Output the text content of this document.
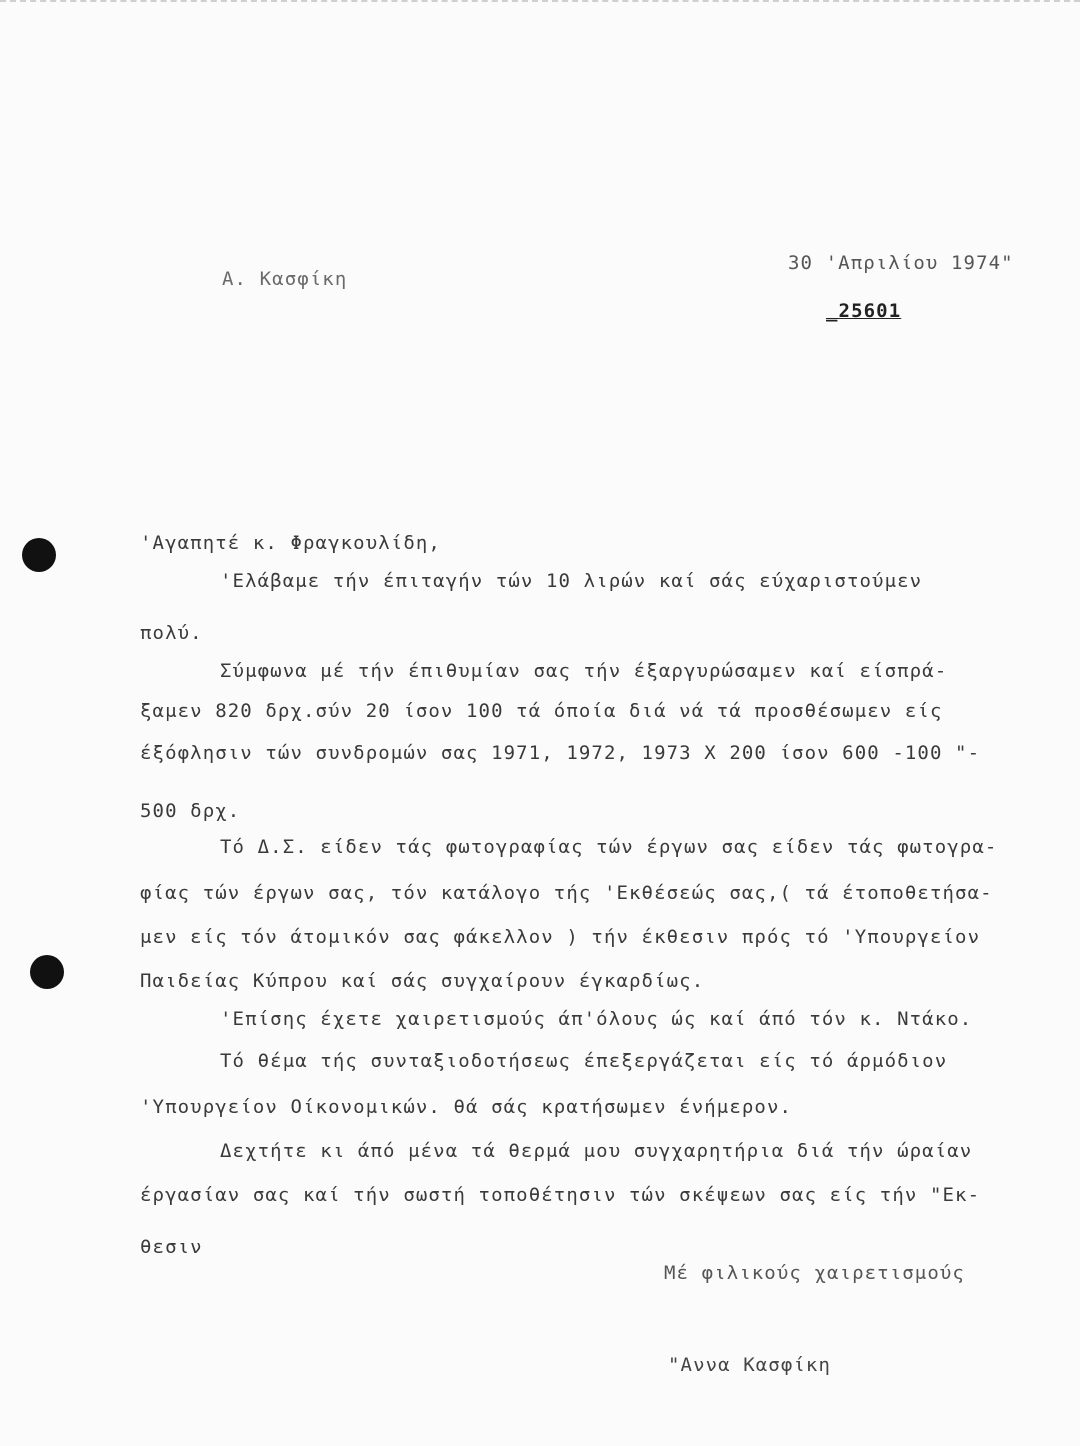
Α. Κασφίκη
30 'Απριλίου 1974"
_25601
'Αγαπητέ κ. Φραγκουλίδη,
'Ελάβαμε τήν έπιταγήν τών 10 λιρών καί σάς εύχαριστούμεν
πολύ.
Σύμφωνα μέ τήν έπιθυμίαν σας τήν έξαργυρώσαμεν καί είσπρά-
ξαμεν 820 δρχ.σύν 20 ίσον 100 τά όποία διά νά τά προσθέσωμεν είς
έξόφλησιν τών συνδρομών σας 1971, 1972, 1973 Χ 200 ίσον 600 -100 "-
500 δρχ.
Τό Δ.Σ. είδεν τάς φωτογραφίας τών έργων σας είδεν τάς φωτογρα-
φίας τών έργων σας, τόν κατάλογο τής 'Εκθέσεώς σας,( τά έτοποθετήσα-
μεν είς τόν άτομικόν σας φάκελλον ) τήν έκθεσιν πρός τό 'Υπουργείον
Παιδείας Κύπρου καί σάς συγχαίρουν έγκαρδίως.
'Επίσης έχετε χαιρετισμούς άπ'όλους ώς καί άπό τόν κ. Ντάκο.
Τό θέμα τής συνταξιοδοτήσεως έπεξεργάζεται είς τό άρμόδιον
'Υπουργείον Οίκονομικών. θά σάς κρατήσωμεν ένήμερον.
Δεχτήτε κι άπό μένα τά θερμά μου συγχαρητήρια διά τήν ώραίαν
έργασίαν σας καί τήν σωστή τοποθέτησιν τών σκέψεων σας είς τήν "Εκ-
θεσιν
Μέ φιλικούς χαιρετισμούς
"Αννα Κασφίκη
